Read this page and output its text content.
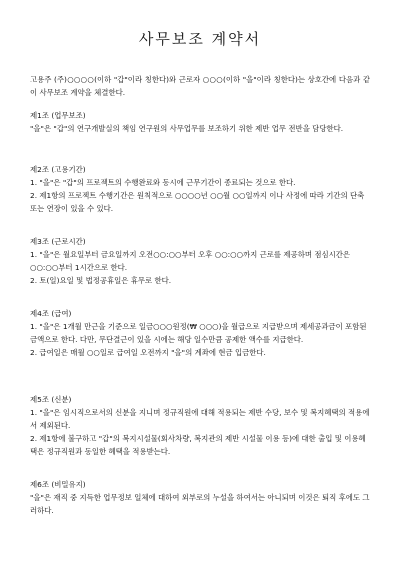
사무보조 계약서

고용주 (주)○○○○(이하 "갑"이라 칭한다)와 근로자 ○○○(이하 "을"이라 칭한다)는 상호간에 다음과 같이 사무보조 계약을 체결한다.

제1조 (업무보조)

"을"은 "갑"의 연구개발실의 책임 연구원의 사무업무를 보조하기 위한 제반 업무 전반을 담당한다.

제2조 (고용기간)

1. "을"은 "갑"의 프로젝트의 수행완료와 동시에 근무기간이 종료되는 것으로 한다.

2. 제1항의 프로젝트 수행기간은 원칙적으로 ○○○○년 ○○월 ○○일까지 이나 사정에 따라 기간의 단축 또는 연장이 있을 수 있다.

제3조 (근로시간)

1. "을"은 월요일부터 금요일까지 오전○○:○○부터 오후 ○○:○○까지 근로를 제공하며 점심시간은 ○○:○○부터 1시간으로 한다.

2. 토(일)요일 및 법정공휴일은 휴무로 한다.

제4조 (급여)

1. "을"은 1개월 만근을 기준으로 일금○○○원정(₩ ○○○)을 월급으로 지급받으며 제세공과금이 포함된 금액으로 한다. 다만, 무단결근이 있을 시에는 해당 일수만큼 공제한 액수를 지급한다.

2. 급여일은 매월 ○○일로 급여일 오전까지 "을"의 계좌에 현금 입금한다.

제5조 (신분)

1. "을"은 임시직으로서의 신분을 지니며 정규직원에 대해 적용되는 제반 수당, 보수 및 복지혜택의 적용에서 제외된다.

2. 제1항에 불구하고 "갑"의 복지시설물(회사차량, 복지관의 제반 시설물 이용 등)에 대한 출입 및 이용혜택은 정규직원과 동일한 혜택을 적용받는다.

제6조 (비밀유지)

"을"은 재직 중 지득한 업무정보 일체에 대하여 외부로의 누설을 하여서는 아니되며 이것은 퇴직 후에도 그러하다.
